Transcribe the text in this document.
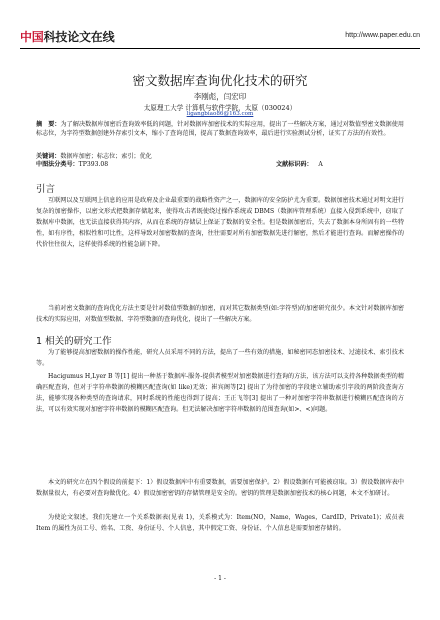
中国科技论文在线	http://www.paper.edu.cn
密文数据库查询优化技术的研究
李刚彪，闫宏印
太原理工大学 计算机与软件学院，太原（030024）
ligangbiao86@163.com
摘　要：为了解决数据库加密后查询效率低的问题，针对数据库加密技术的实际应用，提出了一些解决方案，通过对数值型密文数据使用标志位，为字符型数据创建外存索引文本，缩小了查询范围，提高了数据查询效率，最后进行实验测试分析，证实了方法的有效性。
关键词：数据库加密；标志位；索引；优化
中图法分类号：TP393.08	文献标识码： A
引言
互联网以及互联网上信息的应用是政府及企业最重要的战略性资产之一，数据库的安全防护尤为重要。数据加密技术通过对明文进行复杂的加密操作，以密文形式把数据存储起来，使得攻击者既使绕过操作系统或 DBMS（数据库管理系统）直接入侵到系统中，窃取了数据库中数据，也无法直接获得其内容，从而在系统的存储层上保证了数据的安全性。但是数据加密后，失去了数据本身所固有的一些特性，如有序性，相似性和可比性，这样导致对加密数据的查询，往往需要对所有加密数据先进行解密，然后才能进行查询。而解密操作的代价往往很大，这样使得系统的性能急剧下降。
当前对密文数据的查询优化方法主要是针对数值型数据的加密，而对其它数据类型(如:字符型)的加密研究很少。本文针对数据库加密技术的实际应用，对数值型数据、字符型数据的查询优化，提出了一些解决方案。
1 相关的研究工作
为了能够提高加密数据的操作性能，研究人员采用不同的方法，提出了一些有效的措施，如秘密同态加密技术、过滤技术、索引技术等。
Hacigumus H,Lyer B 等[1] 提出一种基于数据库-服务-提供者模型对加密数据进行查询的方法，该方法可以支持各种数据类型的精确匹配查询，但对于字符串数据的模糊匹配查询(如 like)无效；崔宾阁等[2] 提出了为待加密的字段建立辅助索引字段的两阶段查询方法，能够实现各种类型的查询请求，同时系统的性能也得到了提高；王正飞等[3] 提出了一种对加密字符串数据进行模糊匹配查询的方法，可以有效实现对加密字符串数据的模糊匹配查询。但无法解决加密字符串数据的范围查询(如>、<)问题。
本文的研究立在四个假设的前提下：1）假设数据库中有重要数据，需要加密保护。2）假设数据有可能被窃取。3）假设数据库表中数据量很大，有必要对查询做优化。4）假设加密密钥的存储管理是安全的。密钥的管理是数据加密技术的核心问题，本文不加研讨。
为使论文叙述，我们先建立一个关系数据表(见表 1)，关系模式为：Item(NO，Name，Wages，CardID，Private1)；成员表 Item 的属性为员工号、姓名、工资、身份证号、个人信息，其中假定工资、身份证、个人信息是需要加密存储的。
- 1 -
